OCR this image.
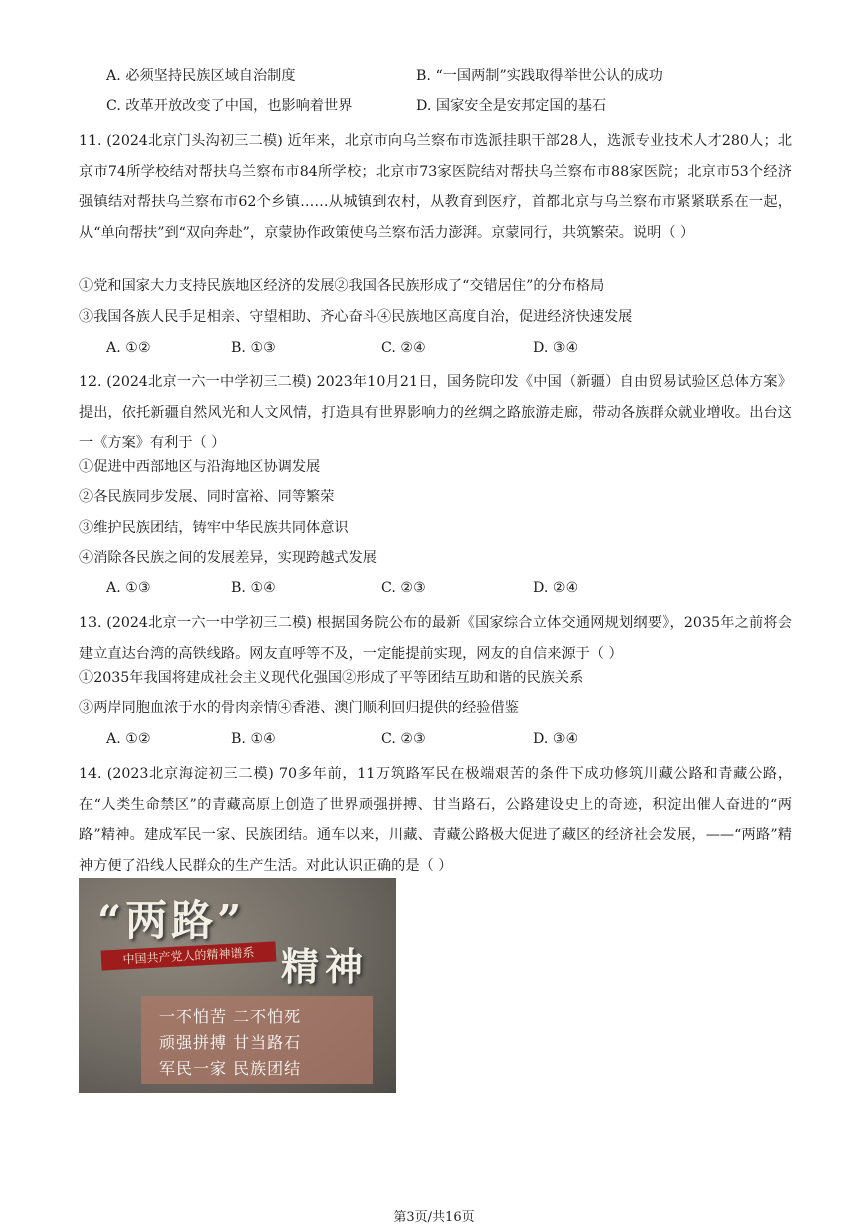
A. 必须坚持民族区域自治制度	B. “一国两制”实践取得举世公认的成功
C. 改革开放改变了中国，也影响着世界	D. 国家安全是安邦定国的基石
11. (2024北京门头沟初三二模) 近年来，北京市向乌兰察布市选派挂职干部28人，选派专业技术人才280人；北京市74所学校结对帮扶乌兰察布市84所学校；北京市73家医院结对帮扶乌兰察布市88家医院；北京市53个经济强镇结对帮扶乌兰察布市62个乡镇……从城镇到农村，从教育到医疗，首都北京与乌兰察布市紧紧联系在一起，从“单向帮扶”到“双向奔赴”，京蒙协作政策使乌兰察布活力澎湃。京蒙同行，共筑繁荣。说明（ ）
①党和国家大力支持民族地区经济的发展②我国各民族形成了“交错居住”的分布格局
③我国各族人民手足相亲、守望相助、齐心奋斗④民族地区高度自治，促进经济快速发展
A. ①②	B. ①③	C. ②④	D. ③④
12. (2024北京一六一中学初三二模) 2023年10月21日，国务院印发《中国（新疆）自由贸易试验区总体方案》提出，依托新疆自然风光和人文风情，打造具有世界影响力的丝绸之路旅游走廊，带动各族群众就业增收。出台这一《方案》有利于（ ）
①促进中西部地区与沿海地区协调发展
②各民族同步发展、同时富裕、同等繁荣
③维护民族团结，铸牢中华民族共同体意识
④消除各民族之间的发展差异，实现跨越式发展
A. ①③	B. ①④	C. ②③	D. ②④
13. (2024北京一六一中学初三二模) 根据国务院公布的最新《国家综合立体交通网规划纲要》，2035年之前将会建立直达台湾的高铁线路。网友直呼等不及，一定能提前实现，网友的自信来源于（ ）
①2035年我国将建成社会主义现代化强国②形成了平等团结互助和谐的民族关系
③两岸同胞血浓于水的骨肉亲情④香港、澳门顺利回归提供的经验借鉴
A. ①②	B. ①④	C. ②③	D. ③④
14. (2023北京海淀初三二模) 70多年前，11万筑路军民在极端艰苦的条件下成功修筑川藏公路和青藏公路，在“人类生命禁区”的青藏高原上创造了世界顽强拼搏、甘当路石，公路建设史上的奇迹，积淀出催人奋进的“两路”精神。建成军民一家、民族团结。通车以来，川藏、青藏公路极大促进了藏区的经济社会发展，——“两路”精神方便了沿线人民群众的生产生活。对此认识正确的是（ ）
“两路”
中国共产党人的精神谱系 精神
一不怕苦 二不怕死
顽强拼搏 甘当路石
军民一家 民族团结
第3页/共16页
